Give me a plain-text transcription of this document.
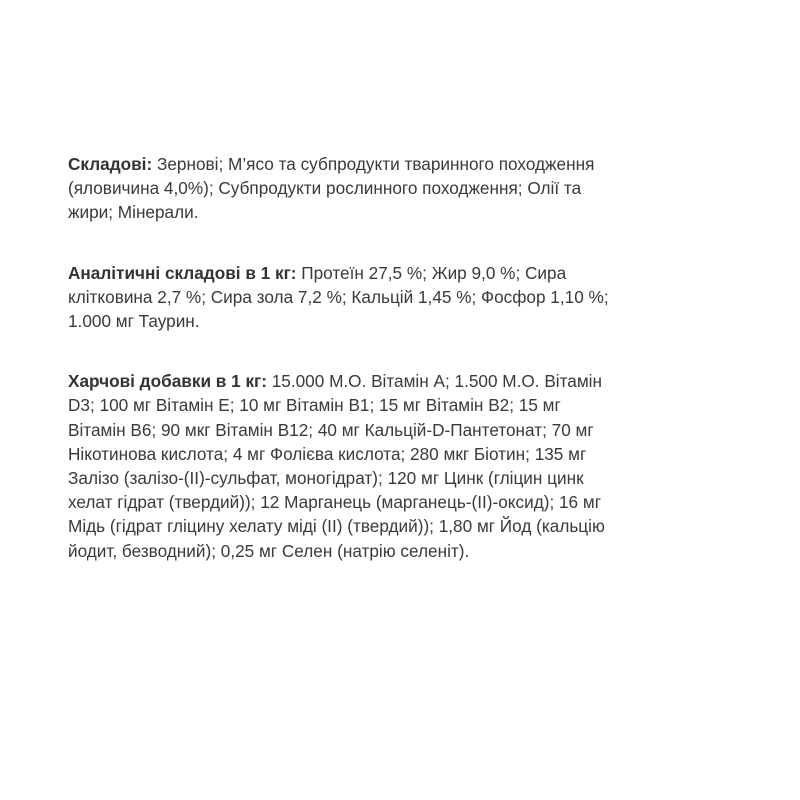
Складові: Зернові; М’ясо та субпродукти тваринного походження
(яловичина 4,0%); Субпродукти рослинного походження; Олії та
жири; Мінерали.

Аналітичні складові в 1 кг: Протеїн 27,5 %; Жир 9,0 %; Сира
клітковина 2,7 %; Сира зола 7,2 %; Кальцій 1,45 %; Фосфор 1,10 %;
1.000 мг Таурин.

Харчові добавки в 1 кг: 15.000 М.О. Вітамін А; 1.500 М.О. Вітамін
D3; 100 мг Вітамін Е; 10 мг Вітамін В1; 15 мг Вітамін В2; 15 мг
Вітамін В6; 90 мкг Вітамін В12; 40 мг Кальцій-D-Пантетонат; 70 мг
Нікотинова кислота; 4 мг Фолієва кислота; 280 мкг Біотин; 135 мг
Залізо (залізо-(ІІ)-сульфат, моногідрат); 120 мг Цинк (гліцин цинк
хелат гідрат (твердий)); 12 Марганець (марганець-(ІІ)-оксид); 16 мг
Мідь (гідрат гліцину хелату міді (ІІ) (твердий)); 1,80 мг Йод (кальцію
йодит, безводний); 0,25 мг Селен (натрію селеніт).
